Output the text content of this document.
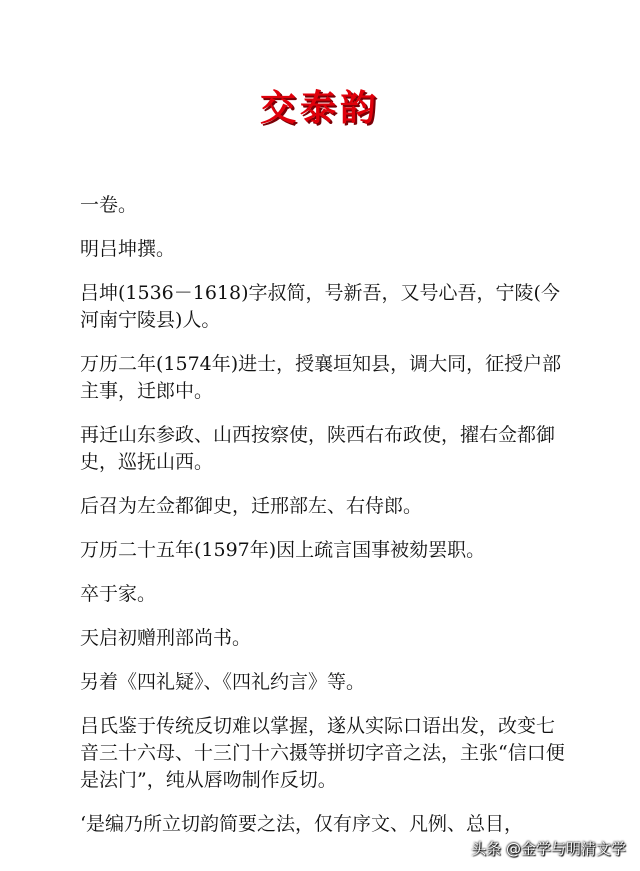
交泰韵

一卷。

明吕坤撰。

吕坤(1536－1618)字叔简，号新吾，又号心吾，宁陵(今河南宁陵县)人。

万历二年(1574年)进士，授襄垣知县，调大同，征授户部主事，迁郎中。

再迁山东参政、山西按察使，陕西右布政使，擢右佥都御史，巡抚山西。

后召为左佥都御史，迁邢部左、右侍郎。

万历二十五年(1597年)因上疏言国事被劾罢职。

卒于家。

天启初赠刑部尚书。

另着《四礼疑》、《四礼约言》等。

吕氏鉴于传统反切难以掌握，遂从实际口语出发，改变七音三十六母、十三门十六摄等拼切字音之法，主张“信口便是法门”，纯从唇吻制作反切。

‘是编乃所立切韵简要之法，仅有序文、凡例、总目，

头条 @金学与明清文学
